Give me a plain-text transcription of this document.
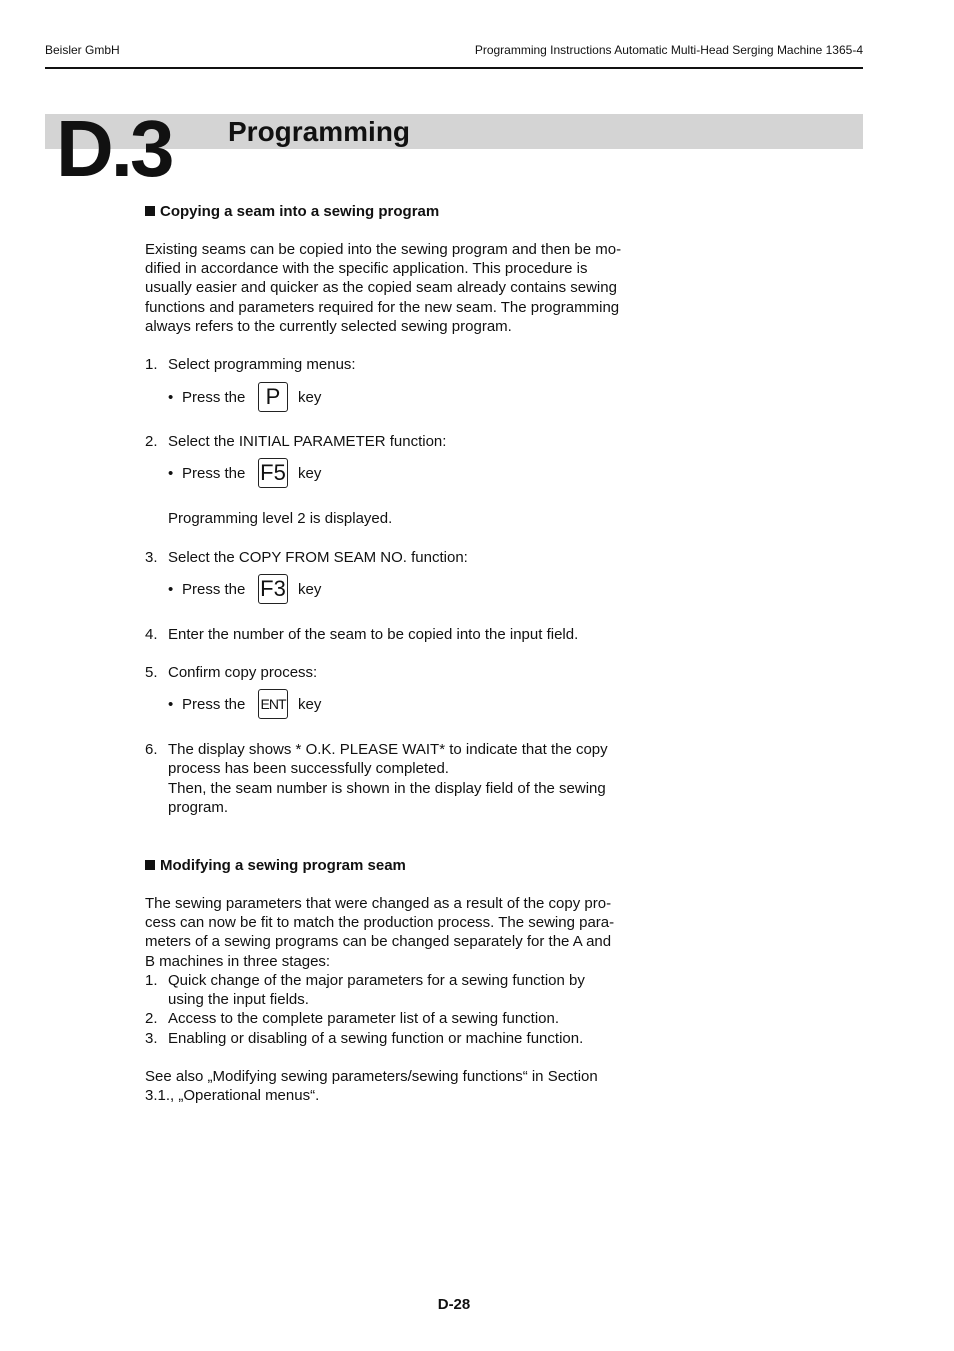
Beisler GmbH	Programming Instructions Automatic Multi-Head Serging Machine 1365-4
D.3 Programming
Copying a seam into a sewing program
Existing seams can be copied into the sewing program and then be mo-
dified in accordance with the specific application. This procedure is
usually easier and quicker as the copied seam already contains sewing
functions and parameters required for the new seam. The programming
always refers to the currently selected sewing program.
1. Select programming menus:
• Press the P	key
2. Select the INITIAL PARAMETER function:
• Press the F5 key
Programming level 2 is displayed.
3. Select the COPY FROM SEAM NO. function:
• Press the F3 key
4. Enter the number of the seam to be copied into the input field.
5. Confirm copy process:
• Press the ENT key
6. The display shows * O.K. PLEASE WAIT* to indicate that the copy
process has been successfully completed.
Then, the seam number is shown in the display field of the sewing
program.
Modifying a sewing program seam
The sewing parameters that were changed as a result of the copy pro-
cess can now be fit to match the production process. The sewing para-
meters of a sewing programs can be changed separately for the A and
B machines in three stages:
1. Quick change of the major parameters for a sewing function by
using the input fields.
2. Access to the complete parameter list of a sewing function.
3. Enabling or disabling of a sewing function or machine function.
See also „Modifying sewing parameters/sewing functions“ in Section
3.1., „Operational menus“.
D-28
